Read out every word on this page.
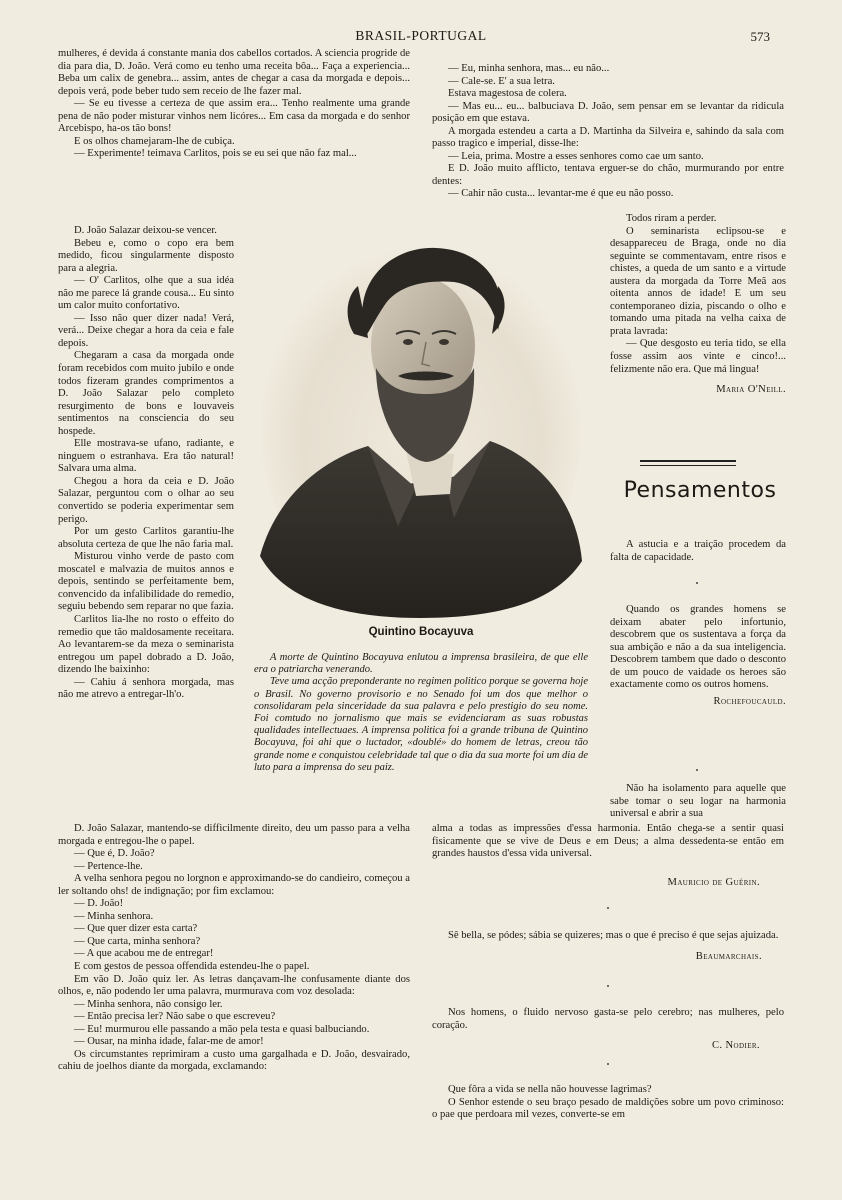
BRASIL-PORTUGAL	573

mulheres, é devida á constante mania dos cabellos cortados. A sciencia progride de dia para dia, D. João. Verá como eu tenho uma receita bôa... Faça a experiencia... Beba um calix de genebra... assim, antes de chegar a casa da morgada e depois... depois verá, pode beber tudo sem receio de lhe fazer mal.

— Se eu tivesse a certeza de que assim era... Tenho realmente uma grande pena de não poder misturar vinhos nem licóres... Em casa da morgada e do senhor Arcebispo, ha-os tão bons!

E os olhos chamejaram-lhe de cubiça.

— Experimente! teimava Carlitos, pois se eu sei que não faz mal...

D. João Salazar deixou-se vencer.

Bebeu e, como o copo era bem medido, ficou singularmente disposto para a alegria.

— O' Carlitos, olhe que a sua idéa não me parece lá grande cousa... Eu sinto um calor muito confortativo.

— Isso não quer dizer nada! Verá, verá... Deixe chegar a hora da ceia e fale depois.

Chegaram a casa da morgada onde foram recebidos com muito jubilo e onde todos fizeram grandes comprimentos a D. João Salazar pelo completo resurgimento de bons e louvaveis sentimentos na consciencia do seu hospede.

Elle mostrava-se ufano, radiante, e ninguem o estranhava. Era tão natural! Salvara uma alma.

Chegou a hora da ceia e D. João Salazar, perguntou com o olhar ao seu convertido se poderia experimentar sem perigo.

Por um gesto Carlitos garantiu-lhe absoluta certeza de que lhe não faria mal.

Misturou vinho verde de pasto com moscatel e malvazia de muitos annos e depois, sentindo se perfeitamente bem, convencido da infalibilidade do remedio, seguiu bebendo sem reparar no que fazia.

Carlitos lia-lhe no rosto o effeito do remedio que tão maldosamente receitara. Ao levantarem-se da meza o seminarista entregou um papel dobrado a D. João, dizendo lhe baixinho:

— Cahiu á senhora morgada, mas não me atrevo a entregar-lh'o.

D. João Salazar, mantendo-se difficilmente direito, deu um passo para a velha morgada e entregou-lhe o papel.

— Que é, D. João?

— Pertence-lhe.

A velha senhora pegou no lorgnon e approximando-se do candieiro, começou a ler soltando ohs! de indignação; por fim exclamou:

— D. João!

— Minha senhora.

— Que quer dizer esta carta?

— Que carta, minha senhora?

— A que acabou me de entregar!

E com gestos de pessoa offendida estendeu-lhe o papel.

Em vão D. João quiz ler. As letras dançavam-lhe confusamente diante dos olhos, e, não podendo ler uma palavra, murmurava com voz desolada:

— Minha senhora, não consigo ler.

— Então precisa ler? Não sabe o que escreveu?

— Eu! murmurou elle passando a mão pela testa e quasi balbuciando.

— Ousar, na minha idade, falar-me de amor!

Os circumstantes reprimiram a custo uma gargalhada e D. João, desvairado, cahiu de joelhos diante da morgada, exclamando:

— Eu, minha senhora, mas... eu não...

— Cale-se. E' a sua letra.

Estava magestosa de colera.

— Mas eu... eu... balbuciava D. João, sem pensar em se levantar da ridicula posição em que estava.

A morgada estendeu a carta a D. Martinha da Silveira e, sahindo da sala com passo tragico e imperial, disse-lhe:

— Leia, prima. Mostre a esses senhores como cae um santo.

E D. João muito afflicto, tentava erguer-se do chão, murmurando por entre dentes:

— Cahir não custa... levantar-me é que eu não posso.

Todos riram a perder.

O seminarista eclipsou-se e desappareceu de Braga, onde no dia seguinte se commentavam, entre risos e chistes, a queda de um santo e a virtude austera da morgada da Torre Meã aos oitenta annos de idade! E um seu contemporaneo dizia, piscando o olho e tomando uma pitada na velha caixa de prata lavrada:

— Que desgosto eu teria tido, se ella fosse assim aos vinte e cinco!... felizmente não era. Que má lingua!

Maria O'Neill.

Quintino Bocayuva

A morte de Quintino Bocayuva enlutou a imprensa brasileira, de que elle era o patriarcha venerando.

Teve uma acção preponderante no regimen politico porque se governa hoje o Brasil. No governo provisorio e no Senado foi um dos que melhor o consolidaram pela sinceridade da sua palavra e pelo prestigio do seu nome. Foi comtudo no jornalismo que mais se evidenciaram as suas robustas qualidades intellectuaes. A imprensa politica foi a grande tribuna de Quintino Bocayuva, foi ahi que o luctador, «doublé» do homem de letras, creou tão grande nome e conquistou celebridade tal que o dia da sua morte foi um dia de luto para a imprensa do seu paiz.

Pensamentos

A astucia e a traição procedem da falta de capacidade.

Quando os grandes homens se deixam abater pelo infortunio, descobrem que os sustentava a força da sua ambição e não a da sua inteligencia. Descobrem tambem que dado o desconto de um pouco de vaidade os heroes são exactamente como os outros homens.

Rochefoucauld.

Não ha isolamento para aquelle que sabe tomar o seu logar na harmonia universal e abrir a sua

alma a todas as impressões d'essa harmonia. Então chega-se a sentir quasi fisicamente que se vive de Deus e em Deus; a alma dessedenta-se então em grandes haustos d'essa vida universal.

Mauricio de Guérin.

Sê bella, se pódes; sábia se quizeres; mas o que é preciso é que sejas ajuizada.

Beaumarchais.

Nos homens, o fluido nervoso gasta-se pelo cerebro; nas mulheres, pelo coração.

C. Nodier.

Que fôra a vida se nella não houvesse lagrimas?

O Senhor estende o seu braço pesado de maldições sobre um povo criminoso: o pae que perdoara mil vezes, converte-se em
